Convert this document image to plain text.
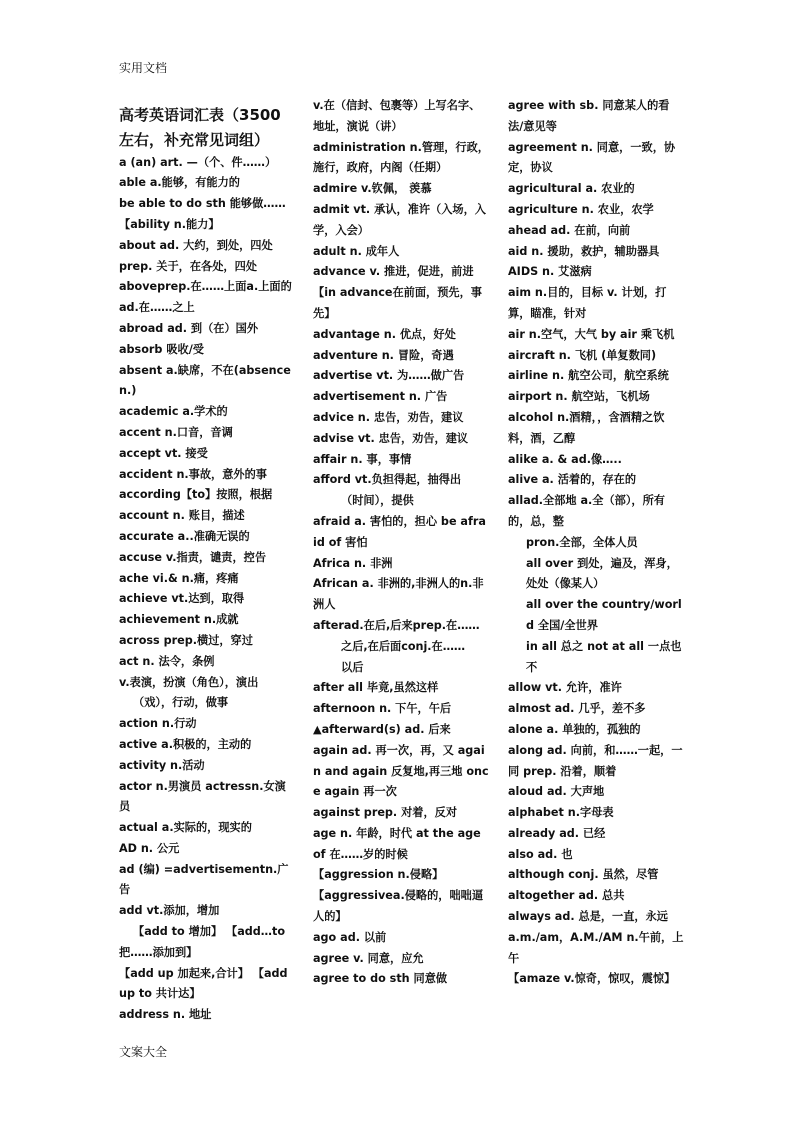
实用文档
高考英语词汇表（3500左右，补充常见词组）
a (an) art. —（个、件……）
able a.能够，有能力的
be able to do sth 能够做……
【ability n.能力】
about ad. 大约，到处，四处
prep. 关于，在各处，四处
aboveprep.在……上面a.上面的ad.在……之上
abroad ad. 到（在）国外
absorb 吸收/受
absent a.缺席，不在(absence n.)
academic a.学术的
accent n.口音，音调
accept vt. 接受
accident n.事故，意外的事
according【to】按照，根据
account n. 账目，描述
accurate a..准确无误的
accuse v.指责，谴责，控告
ache vi.& n.痛，疼痛
achieve vt.达到，取得
achievement n.成就
across prep.横过，穿过
act n. 法令，条例
v.表演，扮演（角色），演出
（戏），行动，做事
action n.行动
active a.积极的，主动的
activity n.活动
actor n.男演员 actressn.女演员
actual a.实际的，现实的
AD n. 公元
ad (编) =advertisementn.广告
add vt.添加，增加
【add to 增加】 【add…to
把……添加到】
【add up 加起来,合计】 【add up to 共计达】
address n. 地址
v.在（信封、包裹等）上写名字、地址，演说（讲）
administration n.管理，行政，施行，政府，内阁（任期）
admire v.钦佩， 羡慕
admit vt. 承认，准许（入场，入学，入会）
adult n. 成年人
advance v. 推进，促进，前进
【in advance在前面，预先，事先】
advantage n. 优点，好处
adventure n. 冒险，奇遇
advertise vt. 为……做广告
advertisement n. 广告
advice n. 忠告，劝告，建议
advise vt. 忠告，劝告，建议
affair n. 事，事情
afford vt.负担得起，抽得出
（时间），提供
afraid a. 害怕的，担心 be afraid of 害怕
Africa n. 非洲
African a. 非洲的,非洲人的n.非洲人
afterad.在后,后来prep.在……
之后,在后面conj.在……
以后
after all 毕竟,虽然这样
afternoon n. 下午，午后
▲afterward(s) ad. 后来
again ad. 再一次，再，又 again and again 反复地,再三地 once again 再一次
against prep. 对着，反对
age n. 年龄，时代 at the age of 在……岁的时候
【aggression n.侵略】
【aggressivea.侵略的，咄咄逼人的】
ago ad. 以前
agree v. 同意，应允
agree to do sth 同意做
agree with sb. 同意某人的看法/意见等
agreement n. 同意，一致，协定，协议
agricultural a. 农业的
agriculture n. 农业，农学
ahead ad. 在前，向前
aid n. 援助，救护，辅助器具
AIDS n. 艾滋病
aim n.目的，目标 v. 计划，打算，瞄准，针对
air n.空气，大气 by air 乘飞机
aircraft n. 飞机 (单复数同)
airline n. 航空公司，航空系统
airport n. 航空站，飞机场
alcohol n.酒精，，含酒精之饮料，酒，乙醇
alike a. & ad.像…..
alive a. 活着的，存在的
allad.全部地 a.全（部），所有的，总，整
pron.全部，全体人员
all over 到处，遍及，浑身，处处（像某人）
all over the country/world 全国/全世界
in all 总之 not at all 一点也不
allow vt. 允许，准许
almost ad. 几乎，差不多
alone a. 单独的，孤独的
along ad. 向前，和……一起，一同 prep. 沿着，顺着
aloud ad. 大声地
alphabet n.字母表
already ad. 已经
also ad. 也
although conj. 虽然，尽管
altogether ad. 总共
always ad. 总是，一直，永远
a.m./am，A.M./AM n.午前，上午
【amaze v.惊奇，惊叹，震惊】
文案大全
